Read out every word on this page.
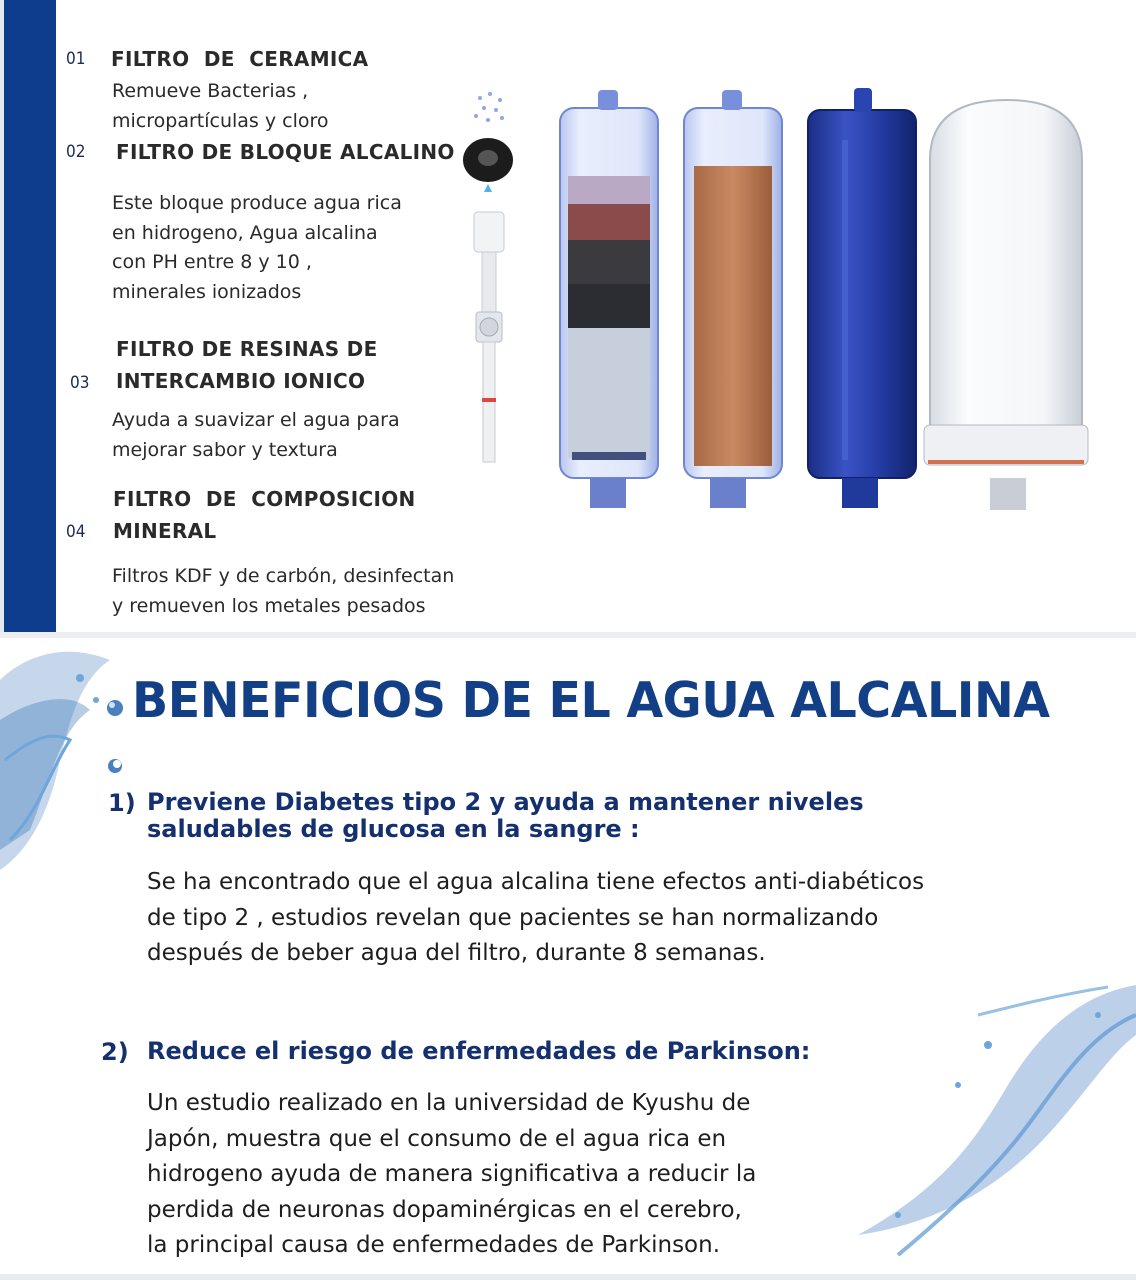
01 FILTRO  DE  CERAMICA
Remueve Bacterias ,
micropartículas y cloro
02 FILTRO DE BLOQUE ALCALINO
Este bloque produce agua rica
en hidrogeno, Agua alcalina
con PH entre 8 y 10 ,
minerales ionizados
03
FILTRO DE RESINAS DE
INTERCAMBIO IONICO
Ayuda a suavizar el agua para
mejorar sabor y textura
04
FILTRO  DE  COMPOSICION
MINERAL
Filtros KDF y de carbón, desinfectan
y remueven los metales pesados
BENEFICIOS DE EL AGUA ALCALINA
1) Previene Diabetes tipo 2 y ayuda a mantener niveles
saludables de glucosa en la sangre :
Se ha encontrado que el agua alcalina tiene efectos anti-diabéticos
de tipo 2 , estudios revelan que pacientes se han normalizando
después de beber agua del filtro, durante 8 semanas.
2) Reduce el riesgo de enfermedades de Parkinson:
Un estudio realizado en la universidad de Kyushu de
Japón, muestra que el consumo de el agua rica en
hidrogeno ayuda de manera significativa a reducir la
perdida de neuronas dopaminérgicas en el cerebro,
la principal causa de enfermedades de Parkinson.
